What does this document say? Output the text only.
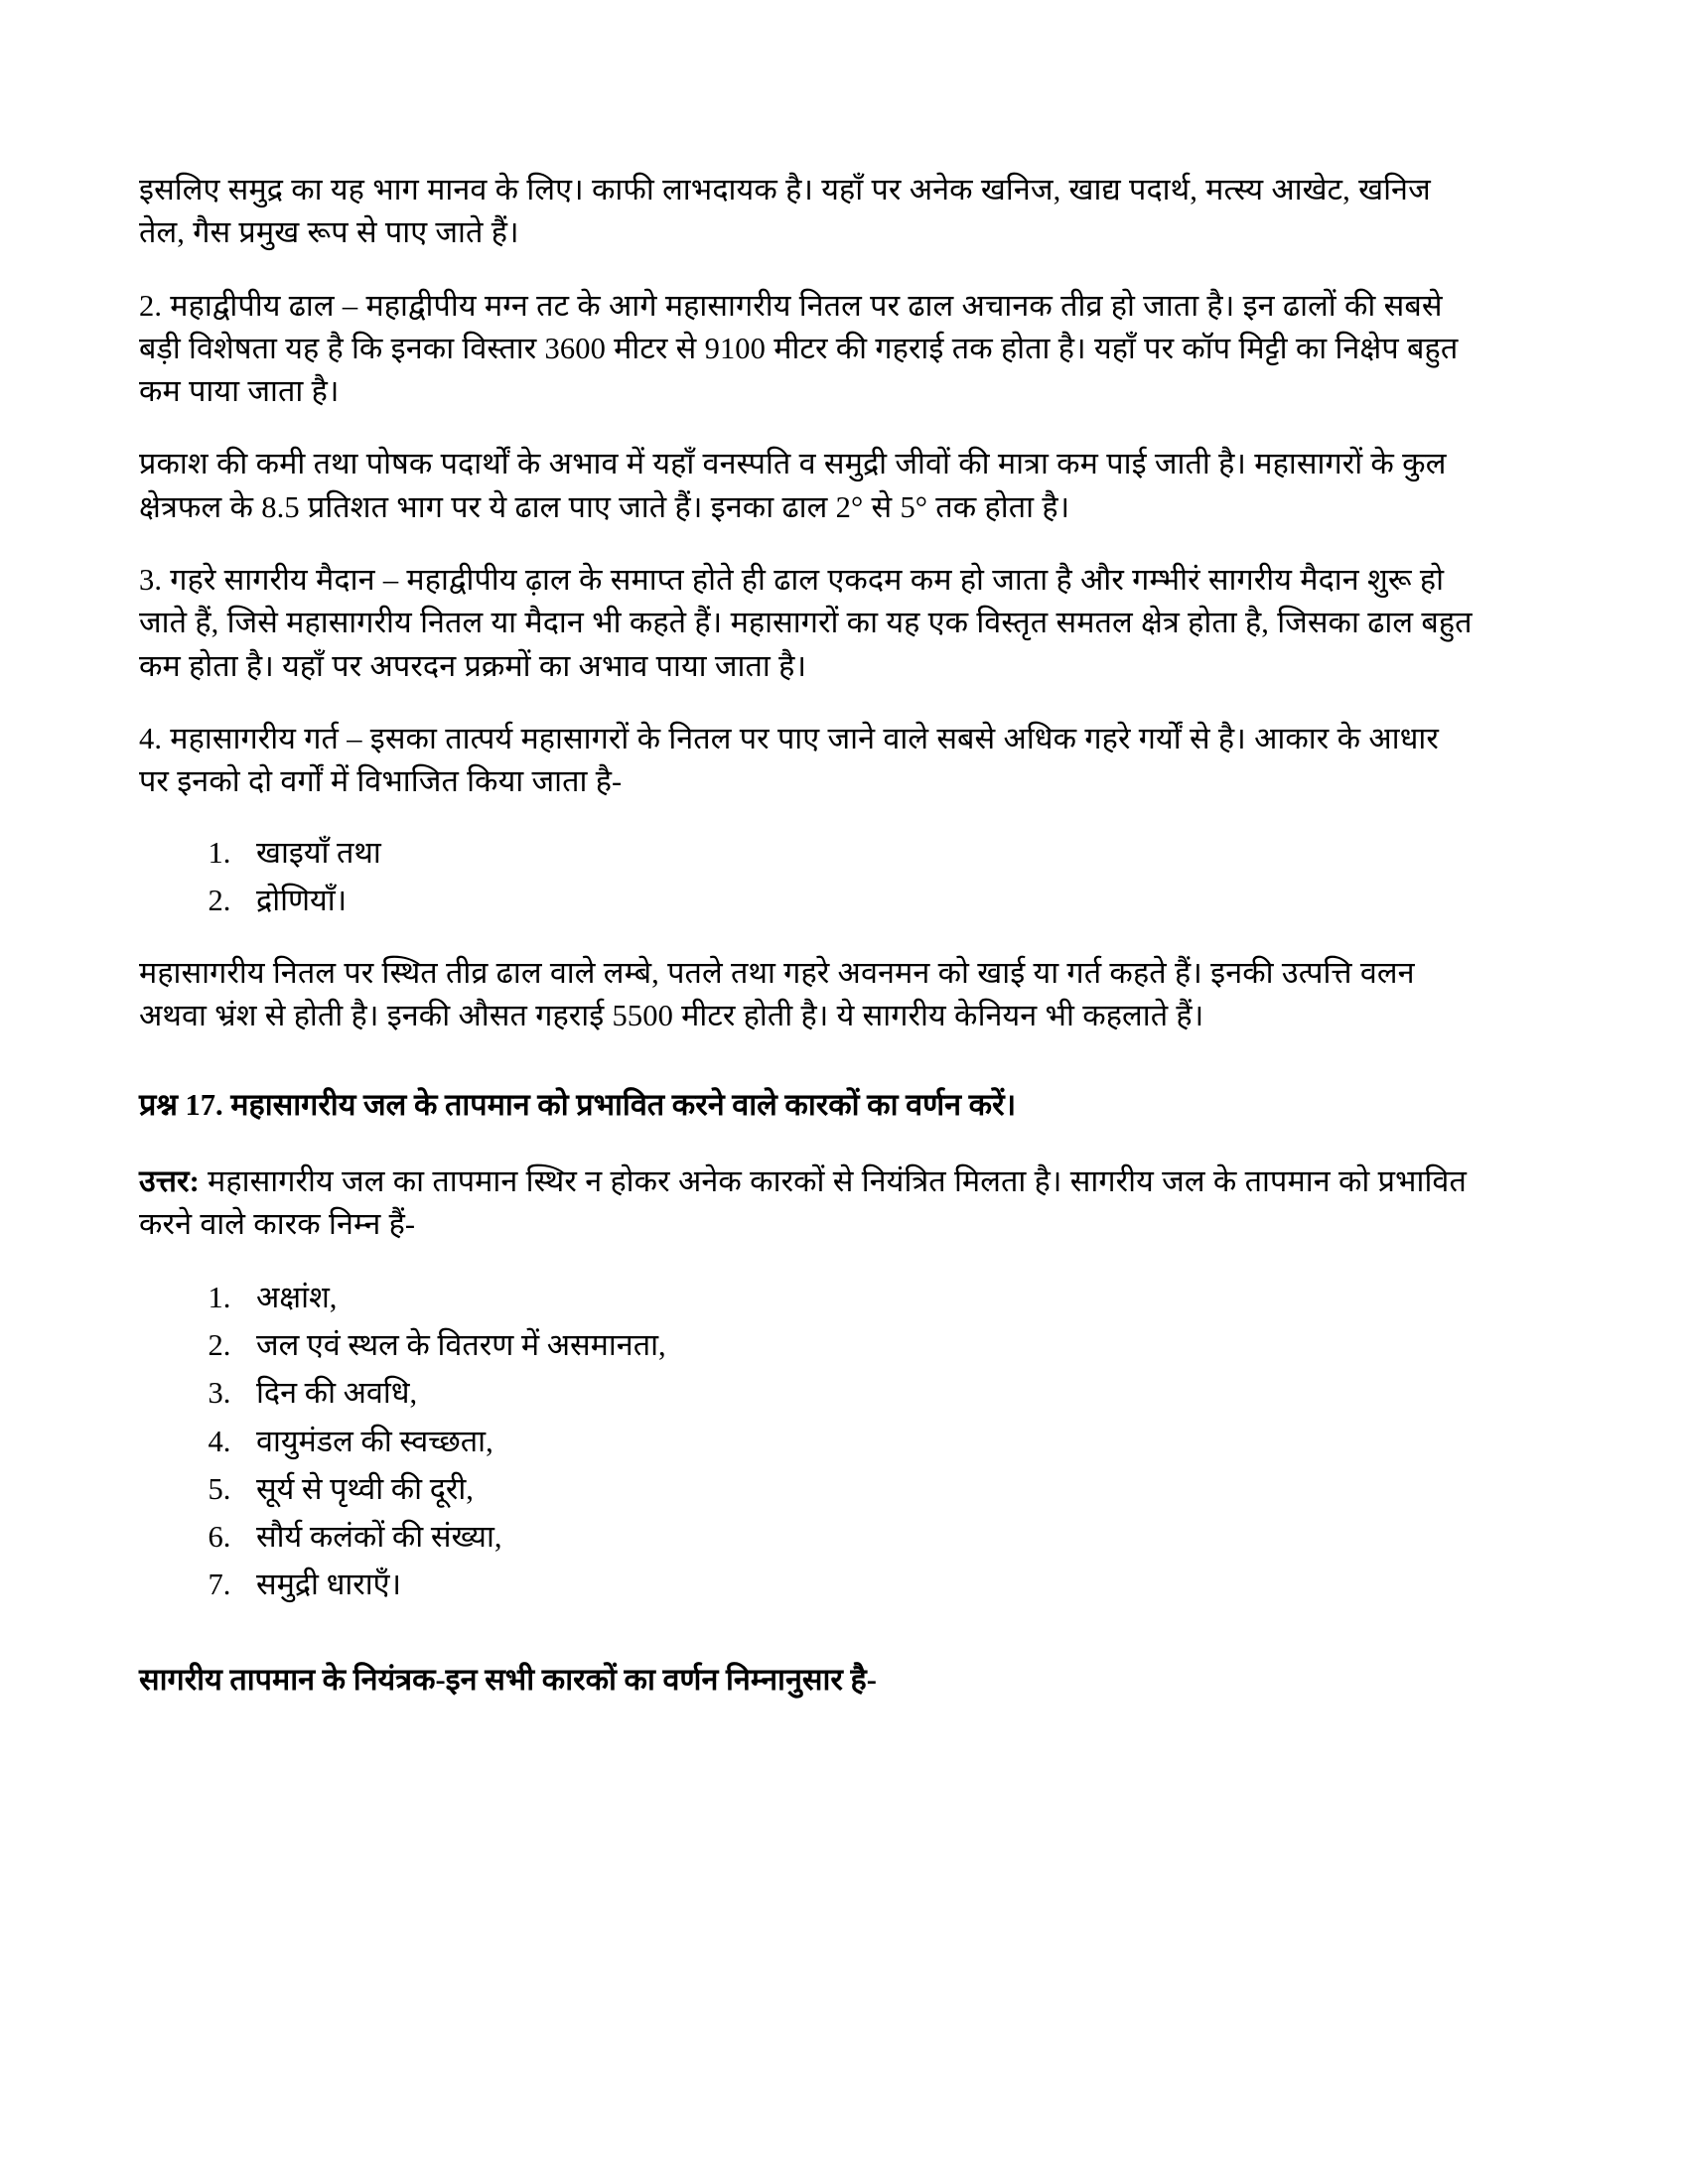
इसलिए समुद्र का यह भाग मानव के लिए। काफी लाभदायक है। यहाँ पर अनेक खनिज, खाद्य पदार्थ, मत्स्य आखेट, खनिज तेल, गैस प्रमुख रूप से पाए जाते हैं।

2. महाद्वीपीय ढाल – महाद्वीपीय मग्न तट के आगे महासागरीय नितल पर ढाल अचानक तीव्र हो जाता है। इन ढालों की सबसे बड़ी विशेषता यह है कि इनका विस्तार 3600 मीटर से 9100 मीटर की गहराई तक होता है। यहाँ पर कॉप मिट्टी का निक्षेप बहुत कम पाया जाता है।

प्रकाश की कमी तथा पोषक पदार्थों के अभाव में यहाँ वनस्पति व समुद्री जीवों की मात्रा कम पाई जाती है। महासागरों के कुल क्षेत्रफल के 8.5 प्रतिशत भाग पर ये ढाल पाए जाते हैं। इनका ढाल 2° से 5° तक होता है।

3. गहरे सागरीय मैदान – महाद्वीपीय ढ़ाल के समाप्त होते ही ढाल एकदम कम हो जाता है और गम्भीरं सागरीय मैदान शुरू हो जाते हैं, जिसे महासागरीय नितल या मैदान भी कहते हैं। महासागरों का यह एक विस्तृत समतल क्षेत्र होता है, जिसका ढाल बहुत कम होता है। यहाँ पर अपरदन प्रक्रमों का अभाव पाया जाता है।

4. महासागरीय गर्त – इसका तात्पर्य महासागरों के नितल पर पाए जाने वाले सबसे अधिक गहरे गर्यों से है। आकार के आधार पर इनको दो वर्गों में विभाजित किया जाता है-

1. खाइयाँ तथा
2. द्रोणियाँ।

महासागरीय नितल पर स्थित तीव्र ढाल वाले लम्बे, पतले तथा गहरे अवनमन को खाई या गर्त कहते हैं। इनकी उत्पत्ति वलन अथवा भ्रंश से होती है। इनकी औसत गहराई 5500 मीटर होती है। ये सागरीय केनियन भी कहलाते हैं।

प्रश्न 17. महासागरीय जल के तापमान को प्रभावित करने वाले कारकों का वर्णन करें।

उत्तर: महासागरीय जल का तापमान स्थिर न होकर अनेक कारकों से नियंत्रित मिलता है। सागरीय जल के तापमान को प्रभावित करने वाले कारक निम्न हैं-

1. अक्षांश,
2. जल एवं स्थल के वितरण में असमानता,
3. दिन की अवधि,
4. वायुमंडल की स्वच्छता,
5. सूर्य से पृथ्वी की दूरी,
6. सौर्य कलंकों की संख्या,
7. समुद्री धाराएँ।

सागरीय तापमान के नियंत्रक-इन सभी कारकों का वर्णन निम्नानुसार है-
